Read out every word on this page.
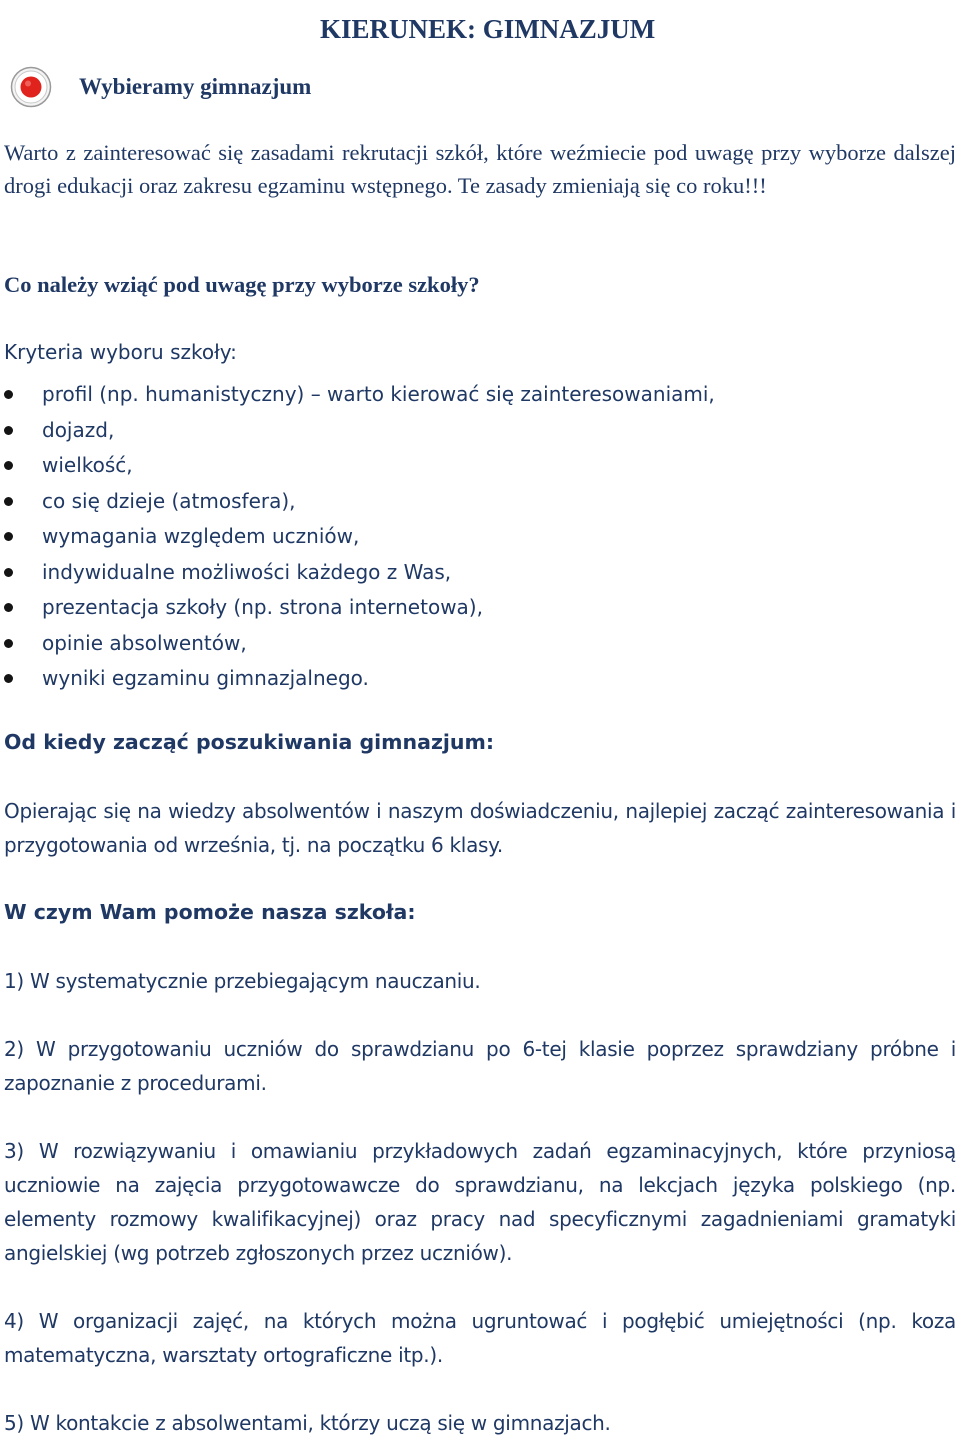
KIERUNEK: GIMNAZJUM
Wybieramy gimnazjum

Warto z zainteresować się zasadami rekrutacji szkół, które weźmiecie pod uwagę przy wyborze dalszej drogi edukacji oraz zakresu egzaminu wstępnego. Te zasady zmieniają się co roku!!!

Co należy wziąć pod uwagę przy wyborze szkoły?
Kryteria wyboru szkoły:
profil (np. humanistyczny) – warto kierować się zainteresowaniami,
dojazd,
wielkość,
co się dzieje (atmosfera),
wymagania względem uczniów,
indywidualne możliwości każdego z Was,
prezentacja szkoły (np. strona internetowa),
opinie absolwentów,
wyniki egzaminu gimnazjalnego.
Od kiedy zacząć poszukiwania gimnazjum:

Opierając się na wiedzy absolwentów i naszym doświadczeniu, najlepiej zacząć zainteresowania i przygotowania od września, tj. na początku 6 klasy.

W czym Wam pomoże nasza szkoła:

1) W systematycznie przebiegającym nauczaniu.

2) W przygotowaniu uczniów do sprawdzianu po 6-tej klasie poprzez sprawdziany próbne i zapoznanie z procedurami.

3) W rozwiązywaniu i omawianiu przykładowych zadań egzaminacyjnych, które przyniosą uczniowie na zajęcia przygotowawcze do sprawdzianu, na lekcjach języka polskiego (np. elementy rozmowy kwalifikacyjnej) oraz pracy nad specyficznymi zagadnieniami gramatyki angielskiej (wg potrzeb zgłoszonych przez uczniów).

4) W organizacji zajęć, na których można ugruntować i pogłębić umiejętności (np. koza matematyczna, warsztaty ortograficzne itp.).

5) W kontakcie z absolwentami, którzy uczą się w gimnazjach.
